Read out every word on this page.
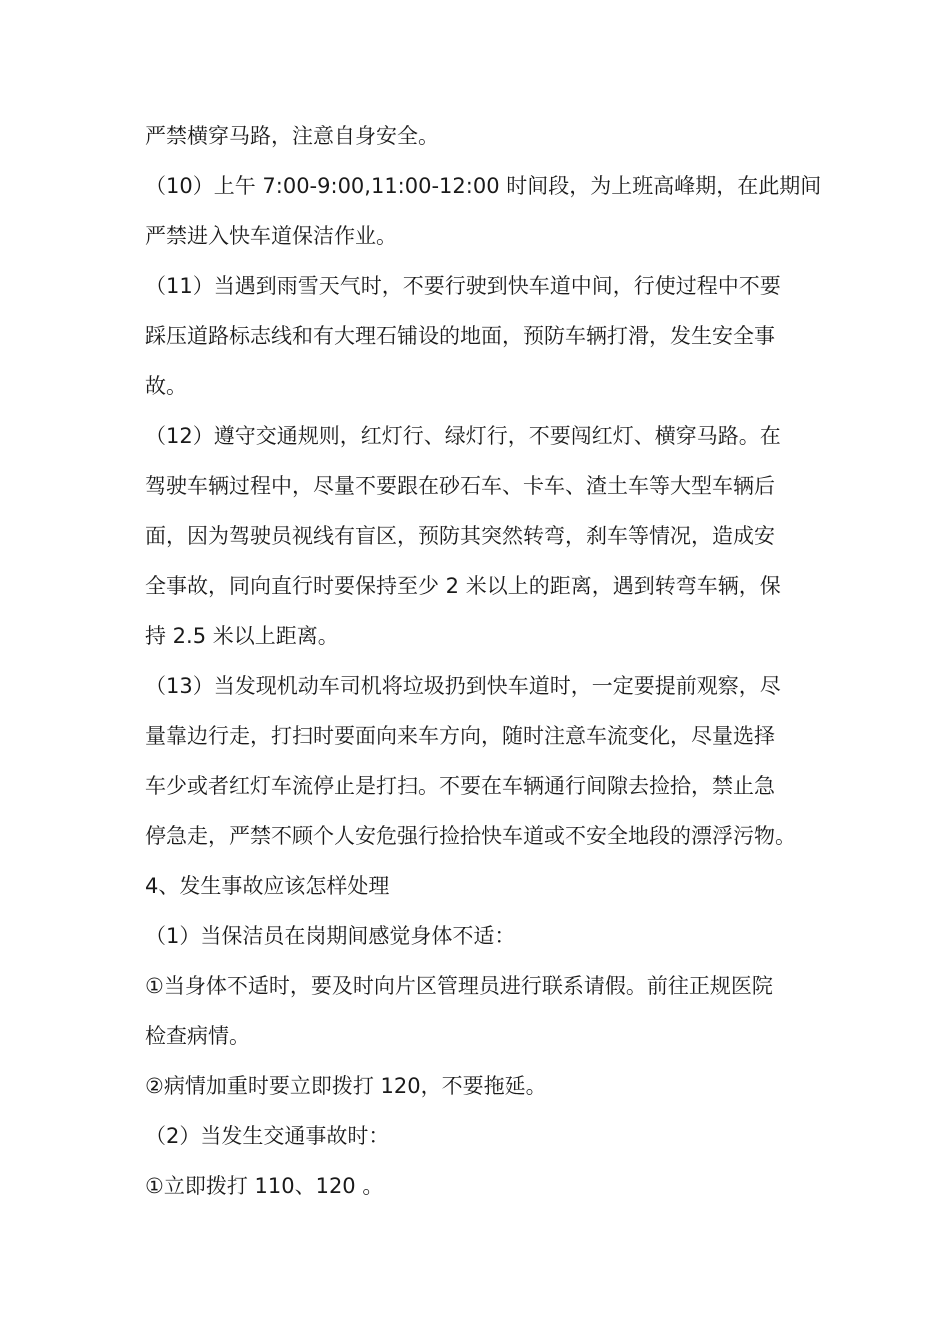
严禁横穿马路，注意自身安全。
（10）上午 7:00-9:00,11:00-12:00 时间段，为上班高峰期，在此期间
严禁进入快车道保洁作业。
（11）当遇到雨雪天气时，不要行驶到快车道中间，行使过程中不要
踩压道路标志线和有大理石铺设的地面，预防车辆打滑，发生安全事
故。
（12）遵守交通规则，红灯行、绿灯行，不要闯红灯、横穿马路。在
驾驶车辆过程中，尽量不要跟在砂石车、卡车、渣土车等大型车辆后
面，因为驾驶员视线有盲区，预防其突然转弯，刹车等情况，造成安
全事故，同向直行时要保持至少 2 米以上的距离，遇到转弯车辆，保
持 2.5 米以上距离。
（13）当发现机动车司机将垃圾扔到快车道时，一定要提前观察，尽
量靠边行走，打扫时要面向来车方向，随时注意车流变化，尽量选择
车少或者红灯车流停止是打扫。不要在车辆通行间隙去捡拾，禁止急
停急走，严禁不顾个人安危强行捡拾快车道或不安全地段的漂浮污物。
4、发生事故应该怎样处理
（1）当保洁员在岗期间感觉身体不适：
①当身体不适时，要及时向片区管理员进行联系请假。前往正规医院
检查病情。
②病情加重时要立即拨打 120，不要拖延。
（2）当发生交通事故时：
①立即拨打 110、120 。
